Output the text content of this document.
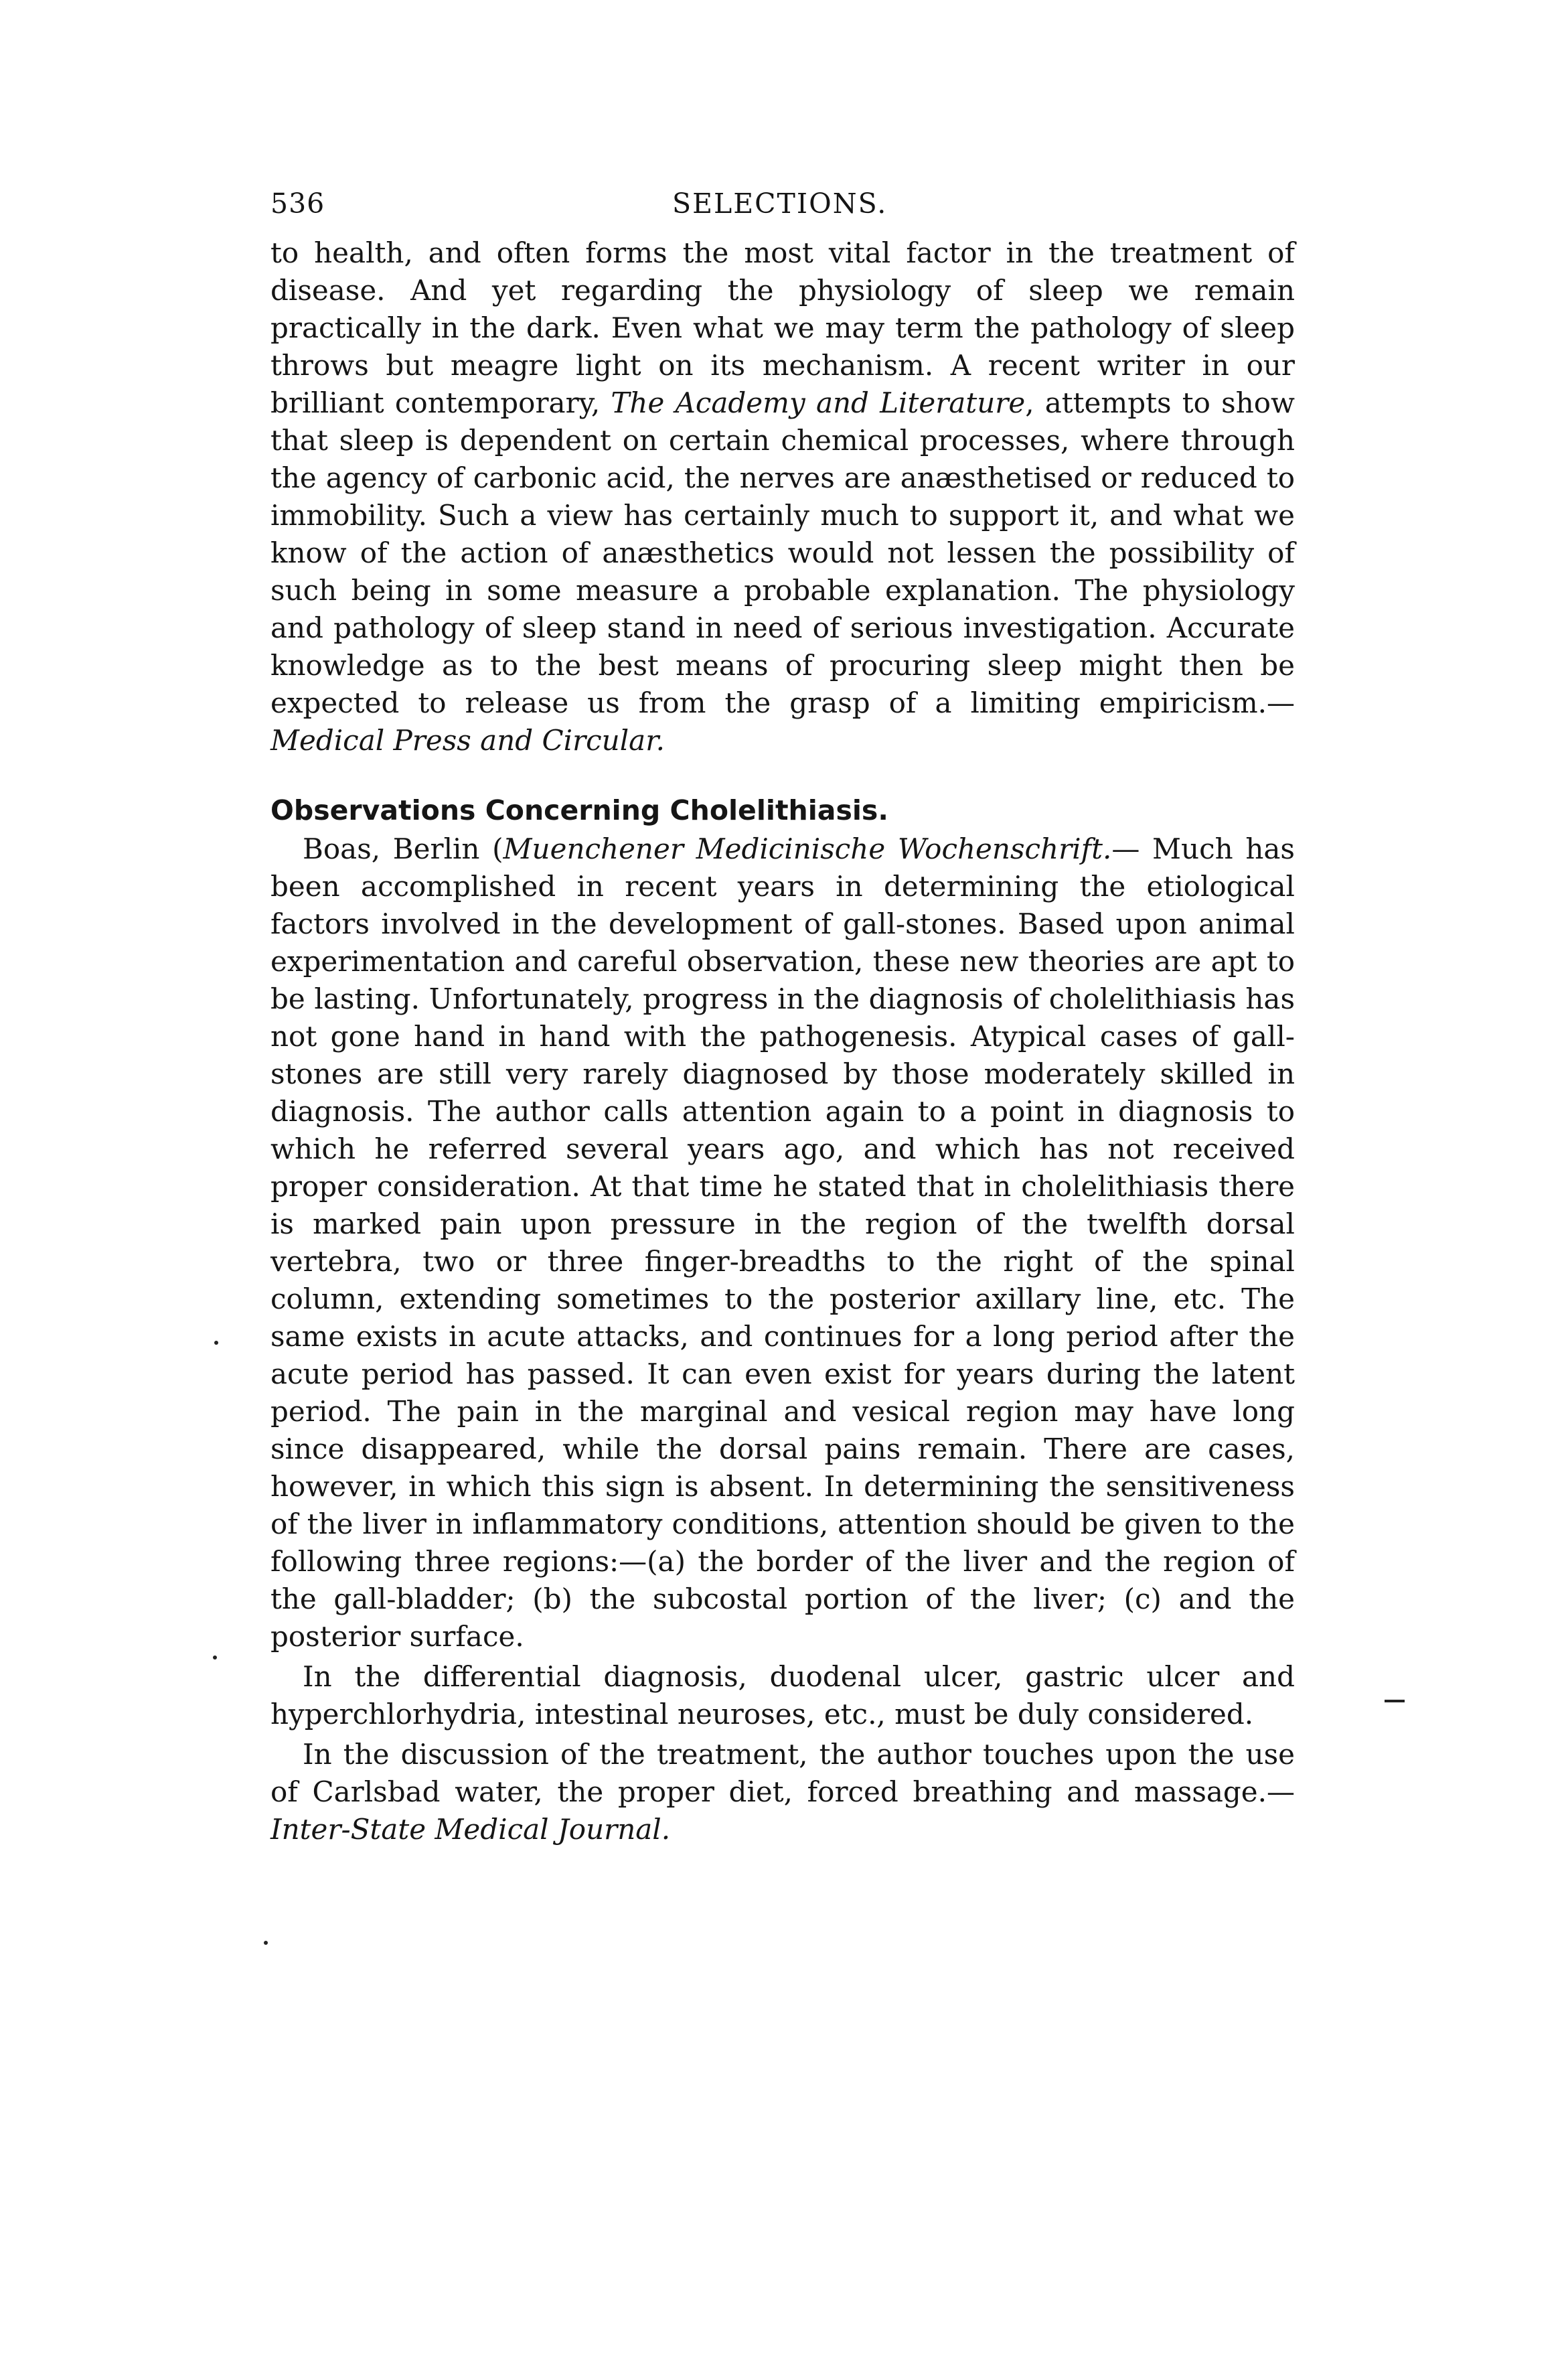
536	SELECTIONS.

to health, and often forms the most vital factor in the treatment of disease. And yet regarding the physiology of sleep we remain practically in the dark. Even what we may term the pathology of sleep throws but meagre light on its mechanism. A recent writer in our brilliant contemporary, The Academy and Literature, attempts to show that sleep is dependent on certain chemical processes, where through the agency of carbonic acid, the nerves are anæsthetised or reduced to immobility. Such a view has certainly much to support it, and what we know of the action of anæsthetics would not lessen the possibility of such being in some measure a probable explanation. The physiology and pathology of sleep stand in need of serious investigation. Accurate knowledge as to the best means of procuring sleep might then be expected to release us from the grasp of a limiting empiricism.—Medical Press and Circular.

Observations Concerning Cholelithiasis.

Boas, Berlin (Muenchener Medicinische Wochenschrift.— Much has been accomplished in recent years in determining the etiological factors involved in the development of gall-stones. Based upon animal experimentation and careful observation, these new theories are apt to be lasting. Unfortunately, progress in the diagnosis of cholelithiasis has not gone hand in hand with the pathogenesis. Atypical cases of gall-stones are still very rarely diagnosed by those moderately skilled in diagnosis. The author calls attention again to a point in diagnosis to which he referred several years ago, and which has not received proper consideration. At that time he stated that in cholelithiasis there is marked pain upon pressure in the region of the twelfth dorsal vertebra, two or three finger-breadths to the right of the spinal column, extending sometimes to the posterior axillary line, etc. The same exists in acute attacks, and continues for a long period after the acute period has passed. It can even exist for years during the latent period. The pain in the marginal and vesical region may have long since disappeared, while the dorsal pains remain. There are cases, however, in which this sign is absent. In determining the sensitiveness of the liver in inflammatory conditions, attention should be given to the following three regions:—(a) the border of the liver and the region of the gall-bladder; (b) the subcostal portion of the liver; (c) and the posterior surface.

In the differential diagnosis, duodenal ulcer, gastric ulcer and hyperchlorhydria, intestinal neuroses, etc., must be duly considered.

In the discussion of the treatment, the author touches upon the use of Carlsbad water, the proper diet, forced breathing and massage.—Inter-State Medical Journal.
